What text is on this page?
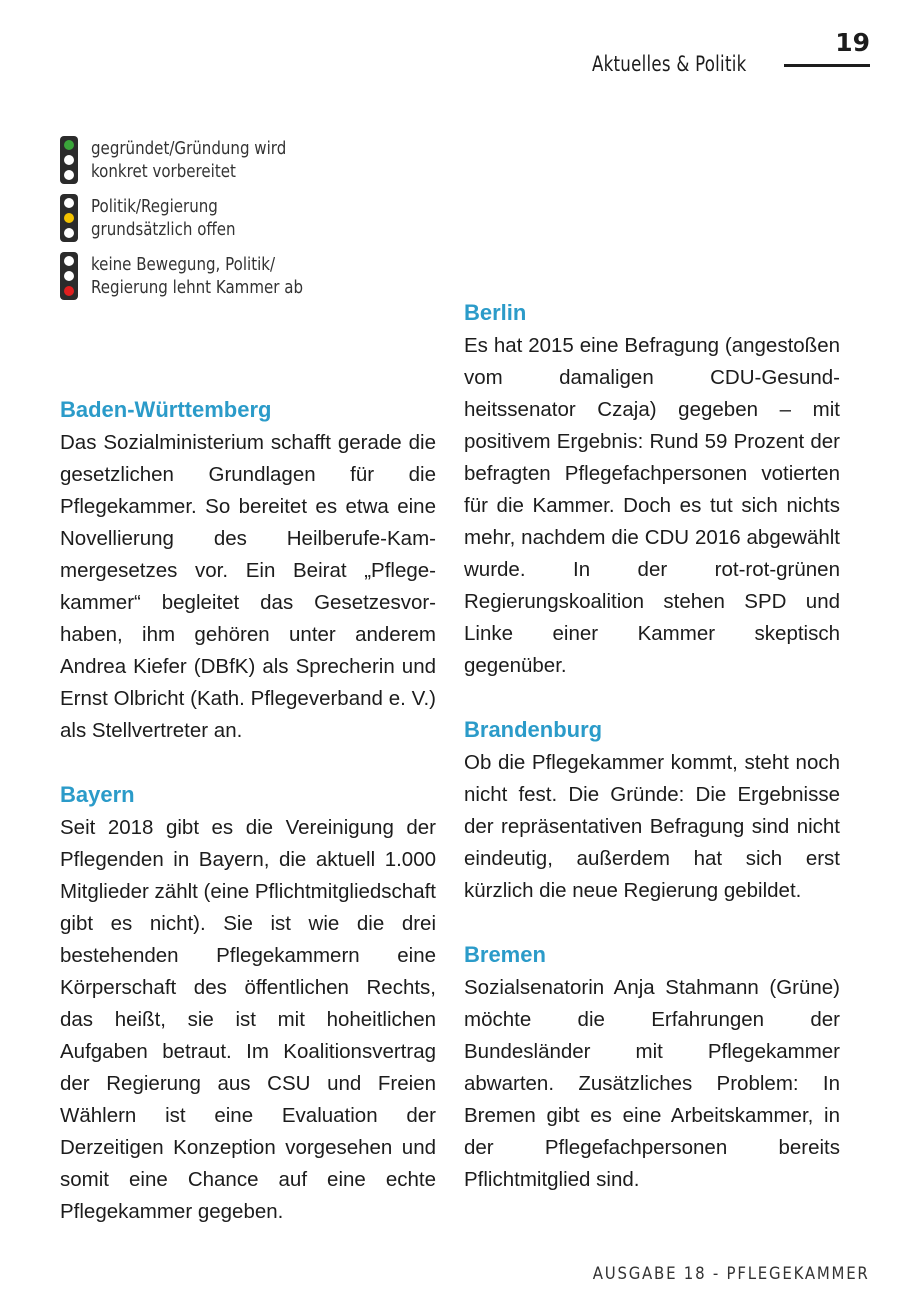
19
Aktuelles & Politik
gegründet/Gründung wird
konkret vorbereitet
Politik/Regierung
grundsätzlich offen
keine Bewegung, Politik/
Regierung lehnt Kammer ab
Baden-Württemberg

Das Sozialministerium schafft gerade die gesetzlichen Grundlagen für die Pflegekammer. So bereitet es etwa eine Novellierung des Heilberufe-Kammergesetzes vor. Ein Beirat „Pflegekammer“ begleitet das Gesetzesvorhaben, ihm gehören unter anderem Andrea Kiefer (DBfK) als Sprecherin und Ernst Olbricht (Kath. Pflegeverband e. V.) als Stellvertreter an.

Bayern

Seit 2018 gibt es die Vereinigung der Pflegenden in Bayern, die aktuell 1.000 Mitglieder zählt (eine Pflichtmitgliedschaft gibt es nicht). Sie ist wie die drei bestehenden Pflegekammern eine Körperschaft des öffentlichen Rechts, das heißt, sie ist mit hoheitlichen Aufgaben betraut. Im Koalitionsvertrag der Regierung aus CSU und Freien Wählern ist eine Evaluation der Derzeitigen Konzeption vorgesehen und somit eine Chance auf eine echte Pflegekammer gegeben.

Berlin

Es hat 2015 eine Befragung (angestoßen vom damaligen CDU-Gesundheitssenator Czaja) gegeben – mit positivem Ergebnis: Rund 59 Prozent der befragten Pflegefachpersonen votierten für die Kammer. Doch es tut sich nichts mehr, nachdem die CDU 2016 abgewählt wurde. In der rot-rot-grünen Regierungskoalition stehen SPD und Linke einer Kammer skeptisch gegenüber.

Brandenburg

Ob die Pflegekammer kommt, steht noch nicht fest. Die Gründe: Die Ergebnisse der repräsentativen Befragung sind nicht eindeutig, außerdem hat sich erst kürzlich die neue Regierung gebildet.

Bremen

Sozialsenatorin Anja Stahmann (Grüne) möchte die Erfahrungen der Bundesländer mit Pflegekammer abwarten. Zusätzliches Problem: In Bremen gibt es eine Arbeitskammer, in der Pflegefachpersonen bereits Pflichtmitglied sind.

AUSGABE 18 - PFLEGEKAMMER
